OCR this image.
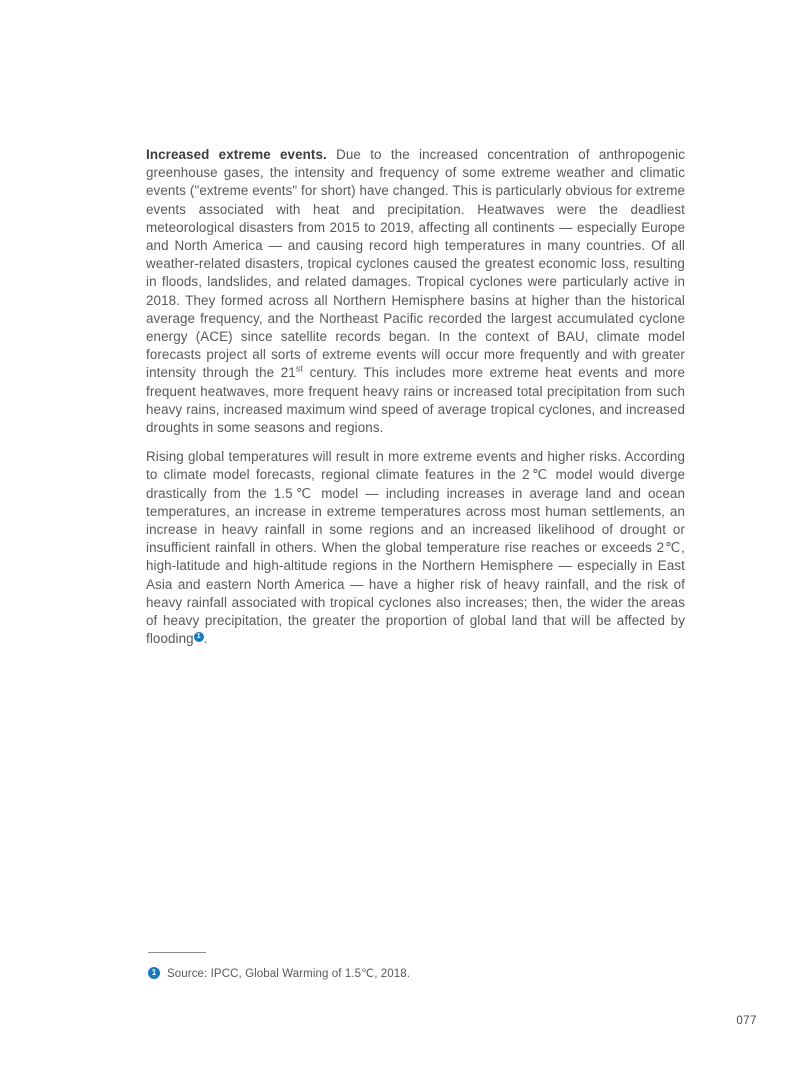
Increased extreme events. Due to the increased concentration of anthropogenic greenhouse gases, the intensity and frequency of some extreme weather and climatic events ("extreme events" for short) have changed. This is particularly obvious for extreme events associated with heat and precipitation. Heatwaves were the deadliest meteorological disasters from 2015 to 2019, affecting all continents — especially Europe and North America — and causing record high temperatures in many countries. Of all weather-related disasters, tropical cyclones caused the greatest economic loss, resulting in floods, landslides, and related damages. Tropical cyclones were particularly active in 2018. They formed across all Northern Hemisphere basins at higher than the historical average frequency, and the Northeast Pacific recorded the largest accumulated cyclone energy (ACE) since satellite records began. In the context of BAU, climate model forecasts project all sorts of extreme events will occur more frequently and with greater intensity through the 21st century. This includes more extreme heat events and more frequent heatwaves, more frequent heavy rains or increased total precipitation from such heavy rains, increased maximum wind speed of average tropical cyclones, and increased droughts in some seasons and regions.

Rising global temperatures will result in more extreme events and higher risks. According to climate model forecasts, regional climate features in the 2℃ model would diverge drastically from the 1.5℃ model — including increases in average land and ocean temperatures, an increase in extreme temperatures across most human settlements, an increase in heavy rainfall in some regions and an increased likelihood of drought or insufficient rainfall in others. When the global temperature rise reaches or exceeds 2℃, high-latitude and high-altitude regions in the Northern Hemisphere — especially in East Asia and eastern North America — have a higher risk of heavy rainfall, and the risk of heavy rainfall associated with tropical cyclones also increases; then, the wider the areas of heavy precipitation, the greater the proportion of global land that will be affected by flooding $^1$ .

1 Source: IPCC, Global Warming of 1.5℃, 2018.
077
